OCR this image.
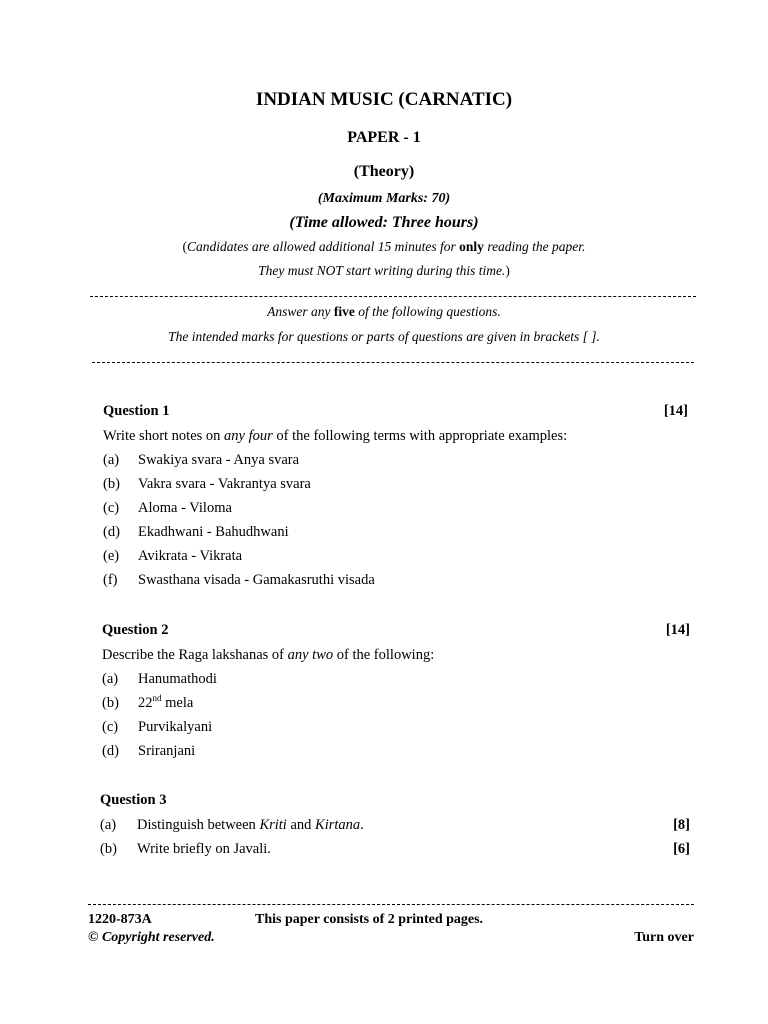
INDIAN MUSIC (CARNATIC)
PAPER - 1
(Theory)
(Maximum Marks: 70)
(Time allowed: Three hours)
(Candidates are allowed additional 15 minutes for only reading the paper.
They must NOT start writing during this time.)
Answer any five of the following questions.
The intended marks for questions or parts of questions are given in brackets [ ].
Question 1	[14]
Write short notes on any four of the following terms with appropriate examples:
(a) Swakiya svara - Anya svara
(b) Vakra svara - Vakrantya svara
(c) Aloma - Viloma
(d) Ekadhwani - Bahudhwani
(e) Avikrata - Vikrata
(f) Swasthana visada - Gamakasruthi visada
Question 2	[14]
Describe the Raga lakshanas of any two of the following:
(a) Hanumathodi
(b) 22nd mela
(c) Purvikalyani
(d) Sriranjani
Question 3
(a) Distinguish between Kriti and Kirtana.	[8]
(b) Write briefly on Javali.	[6]
1220-873A	This paper consists of 2 printed pages.
© Copyright reserved.	Turn over
